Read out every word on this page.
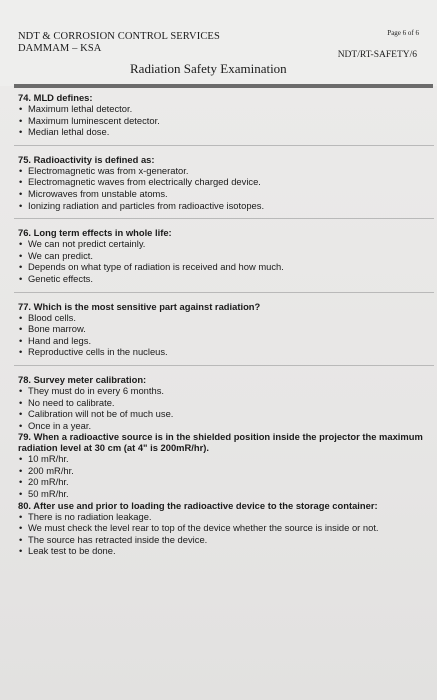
NDT & CORROSION CONTROL SERVICES
DAMMAM – KSA
Page 6 of 6
NDT/RT-SAFETY/6
Radiation Safety Examination
74. MLD defines:
• Maximum lethal detector.
• Maximum luminescent detector.
• Median lethal dose.
75. Radioactivity is defined as:
• Electromagnetic was from x-generator.
• Electromagnetic waves from electrically charged device.
• Microwaves from unstable atoms.
• Ionizing radiation and particles from radioactive isotopes.
76. Long term effects in whole life:
• We can not predict certainly.
• We can predict.
• Depends on what type of radiation is received and how much.
• Genetic effects.
77. Which is the most sensitive part against radiation?
• Blood cells.
• Bone marrow.
• Hand and legs.
• Reproductive cells in the nucleus.
78. Survey meter calibration:
• They must do in every 6 months.
• No need to calibrate.
• Calibration will not be of much use.
• Once in a year.
79. When a radioactive source is in the shielded position inside the projector the maximum radiation level at 30 cm (at 4" is 200mR/hr).
• 10 mR/hr.
• 200 mR/hr.
• 20 mR/hr.
• 50 mR/hr.
80. After use and prior to loading the radioactive device to the storage container:
• There is no radiation leakage.
• We must check the level rear to top of the device whether the source is inside or not.
• The source has retracted inside the device.
• Leak test to be done.
